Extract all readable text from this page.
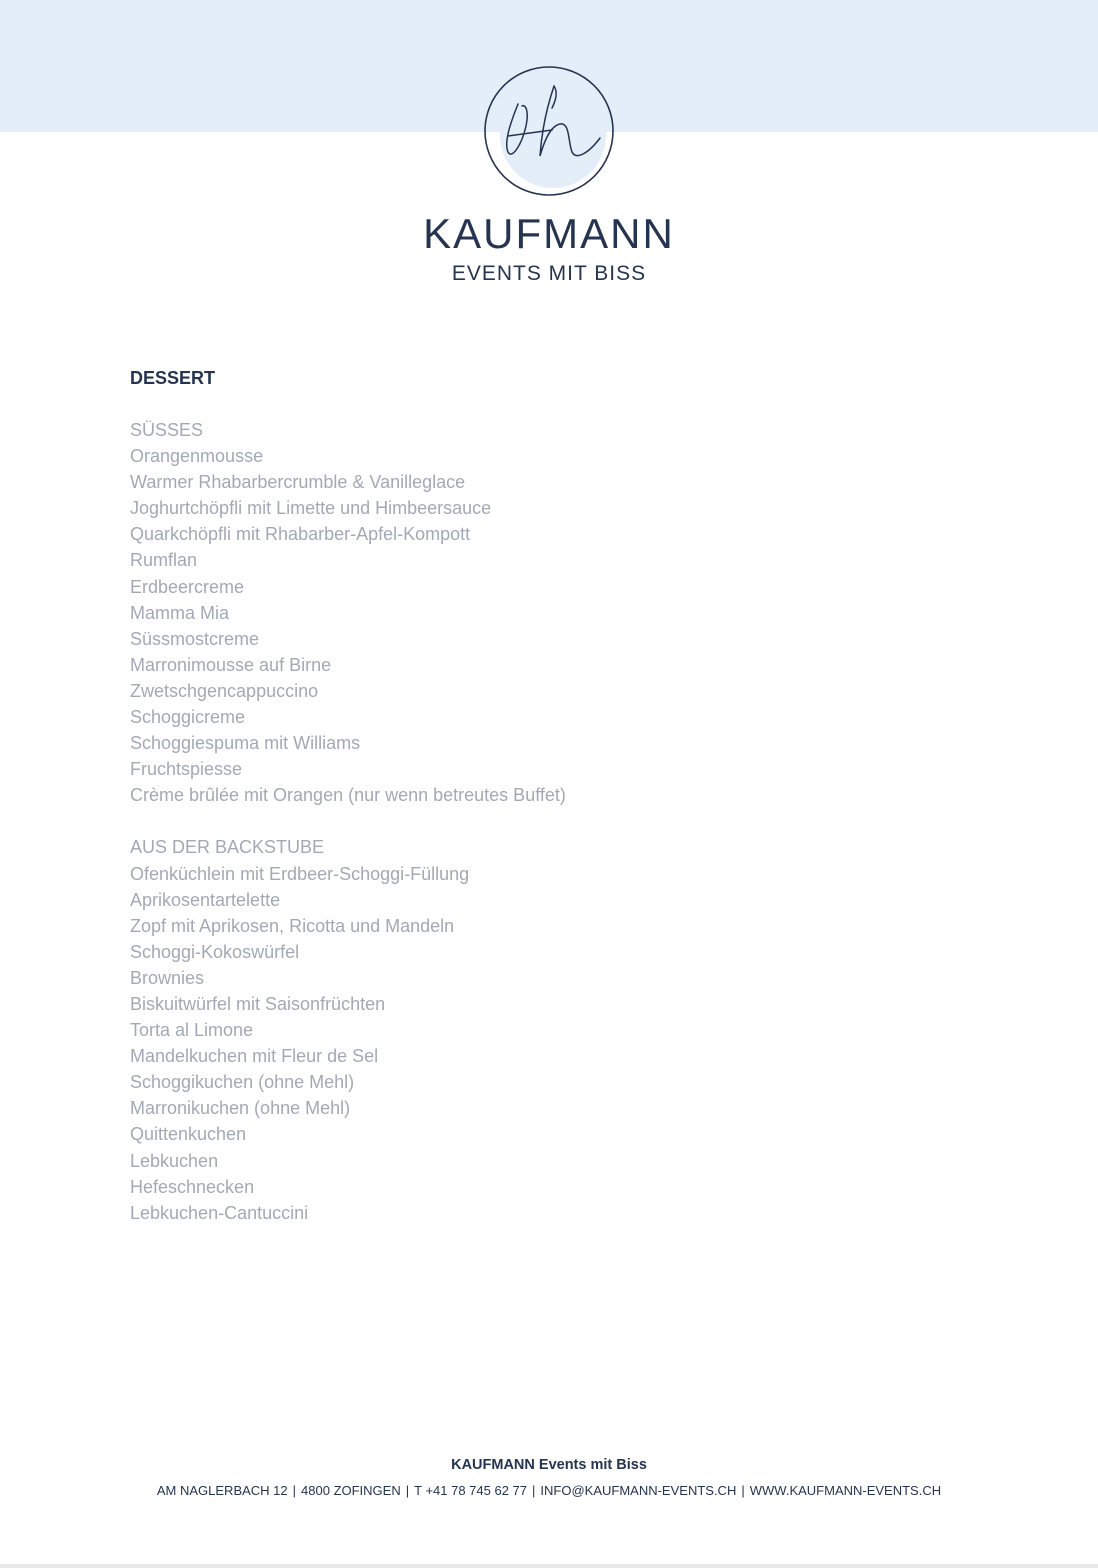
KAUFMANN
EVENTS MIT BISS
DESSERT

SÜSSES

Orangenmousse
Warmer Rhabarbercrumble & Vanilleglace
Joghurtchöpfli mit Limette und Himbeersauce
Quarkchöpfli mit Rhabarber-Apfel-Kompott
Rumflan
Erdbeercreme
Mamma Mia
Süssmostcreme
Marronimousse auf Birne
Zwetschgencappuccino
Schoggicreme
Schoggiespuma mit Williams
Fruchtspiesse
Crème brûlée mit Orangen (nur wenn betreutes Buffet)

AUS DER BACKSTUBE

Ofenküchlein mit Erdbeer-Schoggi-Füllung
Aprikosentartelette
Zopf mit Aprikosen, Ricotta und Mandeln
Schoggi-Kokoswürfel
Brownies
Biskuitwürfel mit Saisonfrüchten
Torta al Limone
Mandelkuchen mit Fleur de Sel
Schoggikuchen (ohne Mehl)
Marronikuchen (ohne Mehl)
Quittenkuchen
Lebkuchen
Hefeschnecken
Lebkuchen-Cantuccini
KAUFMANN Events mit Biss
AM NAGLERBACH 12 | 4800 ZOFINGEN | T +41 78 745 62 77 | INFO@KAUFMANN-EVENTS.CH | WWW.KAUFMANN-EVENTS.CH
